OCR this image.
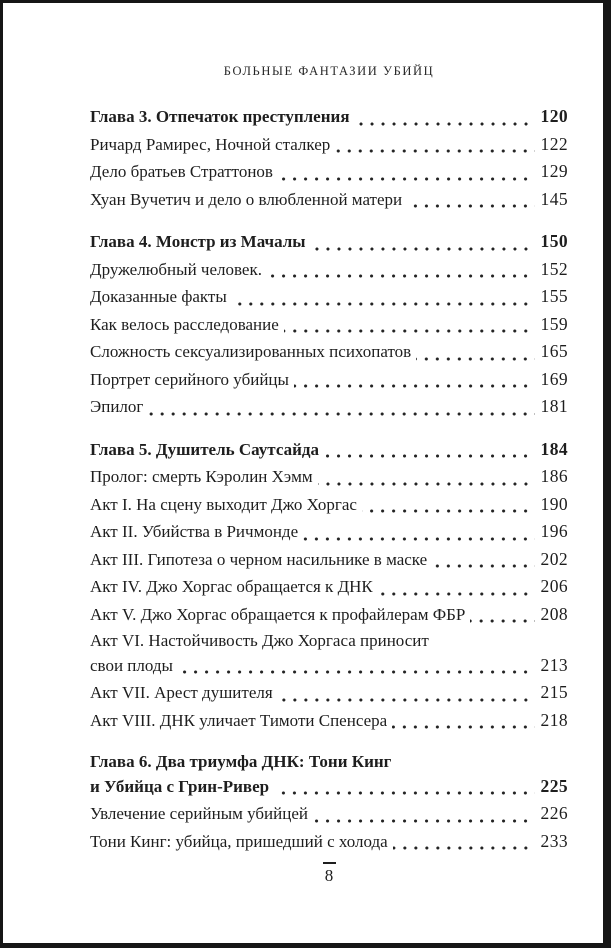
БОЛЬНЫЕ ФАНТАЗИИ УБИЙЦ
Глава 3. Отпечаток преступления	120
Ричард Рамирес, Ночной сталкер	122
Дело братьев Страттонов	129
Хуан Вучетич и дело о влюбленной матери	145
Глава 4. Монстр из Мачалы	150
Дружелюбный человек.	152
Доказанные факты	155
Как велось расследование	159
Сложность сексуализированных психопатов	165
Портрет серийного убийцы	169
Эпилог	181
Глава 5. Душитель Саутсайда	184
Пролог: смерть Кэролин Хэмм	186
Акт I. На сцену выходит Джо Хоргас	190
Акт II. Убийства в Ричмонде	196
Акт III. Гипотеза о черном насильнике в маске	202
Акт IV. Джо Хоргас обращается к ДНК	206
Акт V. Джо Хоргас обращается к профайлерам ФБР	208
Акт VI. Настойчивость Джо Хоргаса приносит
свои плоды	213
Акт VII. Арест душителя	215
Акт VIII. ДНК уличает Тимоти Спенсера	218
Глава 6. Два триумфа ДНК: Тони Кинг
и Убийца с Грин-Ривер	225
Увлечение серийным убийцей	226
Тони Кинг: убийца, пришедший с холода	233
8
